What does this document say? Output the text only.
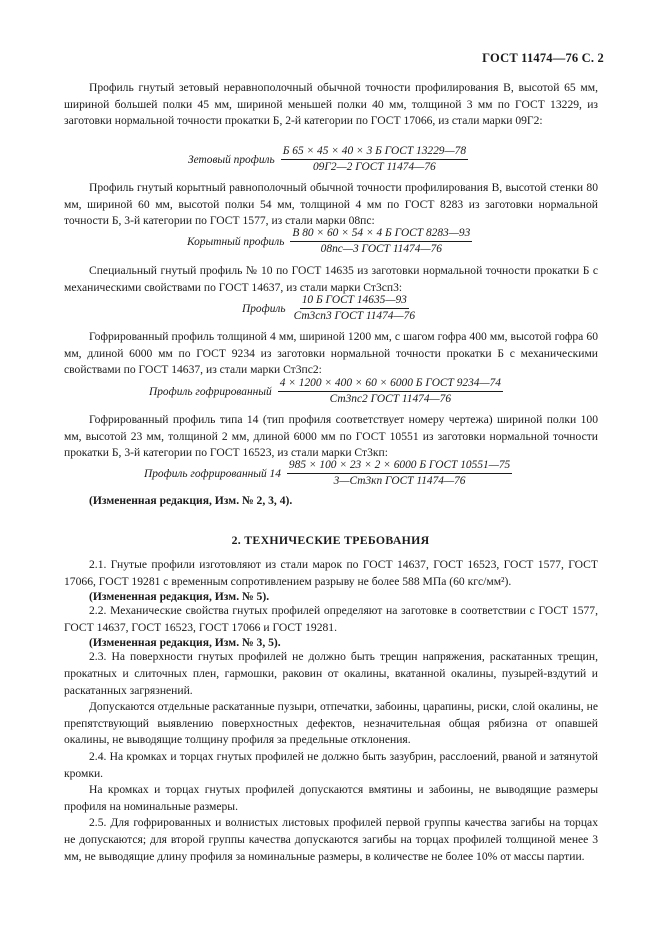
ГОСТ 11474—76 С. 2

Профиль гнутый зетовый неравнополочный обычной точности профилирования В, высотой 65 мм, шириной большей полки 45 мм, шириной меньшей полки 40 мм, толщиной 3 мм по ГОСТ 13229, из заготовки нормальной точности прокатки Б, 2-й категории по ГОСТ 17066, из стали марки 09Г2:

Зетовый профиль $\frac{\text{Б 65 × 45 × 40 × 3 Б ГОСТ 13229—78}}{\text{09Г2—2 ГОСТ 11474—76}}$

Профиль гнутый корытный равнополочный обычной точности профилирования В, высотой стенки 80 мм, шириной 60 мм, высотой полки 54 мм, толщиной 4 мм по ГОСТ 8283 из заготовки нормальной точности Б, 3-й категории по ГОСТ 1577, из стали марки 08пс:

Корытный профиль $\frac{\text{В 80 × 60 × 54 × 4 Б ГОСТ 8283—93}}{\text{08пс—3 ГОСТ 11474—76}}$

Специальный гнутый профиль № 10 по ГОСТ 14635 из заготовки нормальной точности прокатки Б с механическими свойствами по ГОСТ 14637, из стали марки Ст3сп3:

Профиль $\frac{\text{10 Б ГОСТ 14635—93}}{\text{Ст3сп3 ГОСТ 11474—76}}$

Гофрированный профиль толщиной 4 мм, шириной 1200 мм, с шагом гофра 400 мм, высотой гофра 60 мм, длиной 6000 мм по ГОСТ 9234 из заготовки нормальной точности прокатки Б с механическими свойствами по ГОСТ 14637, из стали марки Ст3пс2:

Профиль гофрированный $\frac{\text{4 × 1200 × 400 × 60 × 6000 Б ГОСТ 9234—74}}{\text{Ст3пс2 ГОСТ 11474—76}}$

Гофрированный профиль типа 14 (тип профиля соответствует номеру чертежа) шириной полки 100 мм, высотой 23 мм, толщиной 2 мм, длиной 6000 мм по ГОСТ 10551 из заготовки нормальной точности прокатки Б, 3-й категории по ГОСТ 16523, из стали марки Ст3кп:

Профиль гофрированный $14 \frac{\text{985 × 100 × 23 × 2 × 6000 Б ГОСТ 10551—75}}{\text{3—Ст3кп ГОСТ 11474—76}}$
(Измененная редакция, Изм. № 2, 3, 4).
2. ТЕХНИЧЕСКИЕ ТРЕБОВАНИЯ

2.1. Гнутые профили изготовляют из стали марок по ГОСТ 14637, ГОСТ 16523, ГОСТ 1577, ГОСТ 17066, ГОСТ 19281 с временным сопротивлением разрыву не более 588 МПа (60 кгс/мм²).

(Измененная редакция, Изм. № 5).

2.2. Механические свойства гнутых профилей определяют на заготовке в соответствии с ГОСТ 1577, ГОСТ 14637, ГОСТ 16523, ГОСТ 17066 и ГОСТ 19281.

(Измененная редакция, Изм. № 3, 5).

2.3. На поверхности гнутых профилей не должно быть трещин напряжения, раскатанных трещин, прокатных и слиточных плен, гармошки, раковин от окалины, вкатанной окалины, пузырей-вздутий и раскатанных загрязнений.

Допускаются отдельные раскатанные пузыри, отпечатки, забоины, царапины, риски, слой окалины, не препятствующий выявлению поверхностных дефектов, незначительная общая рябизна от опавшей окалины, не выводящие толщину профиля за предельные отклонения.

2.4. На кромках и торцах гнутых профилей не должно быть зазубрин, расслоений, рваной и затянутой кромки.

На кромках и торцах гнутых профилей допускаются вмятины и забоины, не выводящие размеры профиля на номинальные размеры.

2.5. Для гофрированных и волнистых листовых профилей первой группы качества загибы на торцах не допускаются; для второй группы качества допускаются загибы на торцах профилей толщиной менее 3 мм, не выводящие длину профиля за номинальные размеры, в количестве не более 10% от массы партии.
